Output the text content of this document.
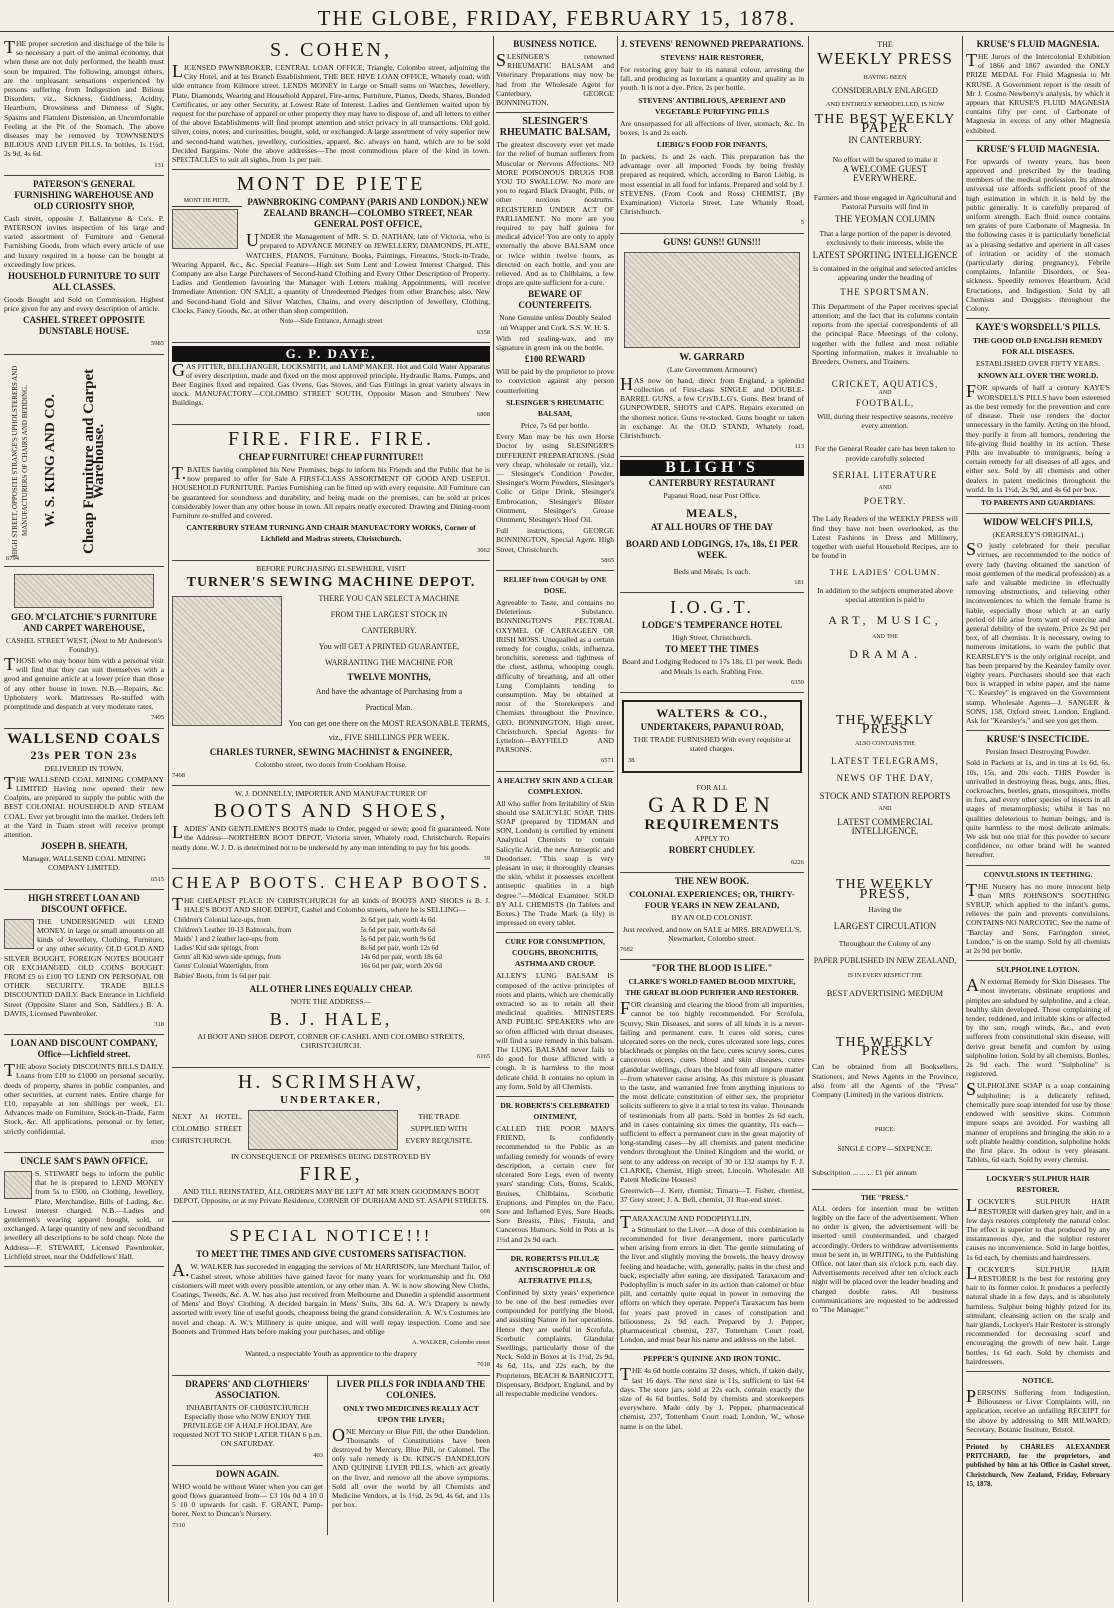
THE GLOBE, FRIDAY, FEBRUARY 15, 1878.

THE proper secretion and discharge of the bile is so necessary a part of the animal economy, that when these are not duly performed, the health must soon be impaired. The following, amongst others, are the unpleasant sensations experienced by persons suffering from Indigestion and Bilious Disorders, viz., Sickness, Giddiness, Acidity, Heartburn, Drowsiness and Dimness of Sight, Spasms and Flatulent Distension, an Uncomfortable Feeling at the Pit of the Stomach. The above diseases may be removed by TOWNSEND'S BILIOUS AND LIVER PILLS. In bottles, 1s 1½d, 2s 9d, 4s 6d.

131

PATERSON'S GENERAL FURNISHING WAREHOUSE AND OLD CURIOSITY SHOP,

Cash street, opposite J. Ballantyne & Co's. P. PATERSON invites inspection of his large and varied assortment of Furniture and General Furnishing Goods, from which every article of use and luxury required in a house can be bought at exceedingly low prices.

HOUSEHOLD FURNITURE TO SUIT ALL CLASSES.

Goods Bought and Sold on Commission. Highest price given for any and every description of article.

CASHEL STREET OPPOSITE DUNSTABLE HOUSE.

5985

HIGH STREET, OPPOSITE STRANGE'S UPHOLSTERERS AND MANUFACTURERS OF CHAIRS AND BEDDING. W. S. KING AND CO. Cheap Furniture and Carpet Warehouse.
6794

GEO. M'CLATCHIE'S FURNITURE AND CARPET WAREHOUSE,

CASHEL STREET WEST, (Next to Mr Anderson's Foundry).

THOSE who may honor him with a personal visit will find that they can suit themselves with a good and genuine article at a lower price than those of any other house in town. N.B.—Repairs, &c. Upholstery work. Mattresses Re-stuffed with promptitude and despatch at very moderate rates.

7405

WALLSEND COALS

23s PER TON 23s

DELIVERED IN TOWN.

THE WALLSEND COAL MINING COMPANY LIMITED Having now opened their new Coalpits, are prepared to supply the public with the BEST COLONIAL HOUSEHOLD AND STEAM COAL. Ever yet brought into the market. Orders left at the Yard in Tuam street will receive prompt attention.

JOSEPH B. SHEATH,

Manager, WALLSEND COAL MINING COMPANY LIMITED.

6515

HIGH STREET LOAN AND DISCOUNT OFFICE.

THE UNDERSIGNED will LEND MONEY, in large or small amounts on all kinds of Jewellery, Clothing, Furniture, or any other security. OLD GOLD AND SILVER BOUGHT, FOREIGN NOTES BOUGHT OR EXCHANGED. OLD COINS BOUGHT. FROM £5 to £100 TO LEND ON PERSONAL OR OTHER SECURITY. TRADE BILLS DISCOUNTED DAILY. Back Entrance in Lichfield Street (Opposite Slater and Son, Saddlers.) B. A. DAVIS, Licensed Pawnbroker.

318

LOAN AND DISCOUNT COMPANY, Office—Lichfield street.

THE above Society DISCOUNTS BILLS DAILY. Loans from £10 to £1000 on personal security, deeds of property, shares in public companies, and other securities, at current rates. Entire charge for £10, repayable at ten shillings per week, £1. Advances made on Furniture, Stock-in-Trade, Farm Stock, &c. All applications, personal or by letter, strictly confidential.

8309

UNCLE SAM'S PAWN OFFICE.

S. STEWART begs to inform the public that he is prepared to LEND MONEY from 5s to £500, on Clothing, Jewellery, Plate, Merchandise, Bills of Lading, &c. Lowest interest charged. N.B.—Ladies and gentlemen's wearing apparel bought, sold, or exchanged. A large quantity of new and secondhand jewellery all descriptions to be sold cheap. Note the Address—F. STEWART, Licensed Pawnbroker, Lichfield street, near the Oddfellows' Hall.

S. COHEN,

LICENSED PAWNBROKER, CENTRAL LOAN OFFICE, Triangle, Colombo street, adjoining the City Hotel, and at his Branch Establishment, THE BEE HIVE LOAN OFFICE, Whately road, with side entrance from Kilmore street. LENDS MONEY in Large or Small sums on Watches, Jewellery, Plate, Diamonds, Wearing and Household Apparel, Fire-arms, Furniture, Pianos, Deeds, Shares, Bonded Certificates, or any other Security, at Lowest Rate of Interest. Ladies and Gentlemen waited upon by request for the purchase of apparel or other property they may have to dispose of, and all letters to either of the above Establishments will find prompt attention and strict privacy in all transactions. Old gold, silver, coins, notes, and curiosities, bought, sold, or exchanged. A large assortment of very superior new and second-hand watches, jewellery, curiosities, apparel, &c. always on hand, which are to be sold Decided Bargains. Note the above addresses—The most commodious place of the kind in town. SPECTACLES to suit all sights, from 1s per pair.

MONT DE PIETE

MONT DE PIETE.	PAWNBROKING COMPANY (PARIS AND LONDON.) NEW ZEALAND BRANCH—COLOMBO STREET, NEAR GENERAL POST OFFICE,

UNDER the Management of MR. S. D. NATHAN, late of Victoria, who is prepared to ADVANCE MONEY on JEWELLERY, DIAMONDS, PLATE, WATCHES, PIANOS, Furniture, Books, Paintings, Firearms, Stock-in-Trade, Wearing Apparel, &c., &c. Special Feature—High set Sum Lent and Lowest Interest Charged. This Company are also Large Purchasers of Second-hand Clothing and Every Other Description of Property. Ladies and Gentlemen favouring the Manager with Letters making Appointments, will receive Immediate Attention. ON SALE, a quantity of Unredeemed Pledges from other Branches; also, New and Second-hand Gold and Silver Watches, Chains, and every description of Jewellery, Clothing, Clocks, Fancy Goods, &c. at other than shop competition.

Note—Side Entrance, Armagh street

6358

G. P. DAYE,

GAS FITTER, BELLHANGER, LOCKSMITH, and LAMP MAKER. Hot and Cold Water Apparatus of every description, made and fixed on the most approved principle. Hydraulic Rams, Pumps, and Beer Engines fixed and repaired. Gas Ovens, Gas Stoves, and Gas Fittings in great variety always in stock. MANUFACTORY—COLOMBO STREET SOUTH, Opposite Mason and Struthers' New Buildings.

6808

FIRE. FIRE. FIRE.

CHEAP FURNITURE! CHEAP FURNITURE!!

T.BATES having completed his New Premises, begs to inform his Friends and the Public that he is now prepared to offer for Sale A FIRST-CLASS ASSORTMENT OF GOOD AND USEFUL HOUSEHOLD FURNITURE. Parties Furnishing can be fitted up with every requisite. All Furniture can be guaranteed for soundness and durability, and being made on the premises, can be sold at prices considerably lower than any other house in town. All repairs neatly executed. Drawing and Dining-room Furniture re-stuffed and covered.

CANTERBURY STEAM TURNING AND CHAIR MANUFACTORY WORKS, Corner of Lichfield and Madras streets, Christchurch.

3062

BEFORE PURCHASING ELSEWHERE, VISIT

TURNER'S SEWING MACHINE DEPOT.

THERE YOU CAN SELECT A MACHINE

FROM THE LARGEST STOCK IN

CANTERBURY.

You will GET A PRINTED GUARANTEE,

WARRANTING THE MACHINE FOR

TWELVE MONTHS,

And have the advantage of Purchasing from a

Practical Man.

You can get one there on the MOST REASONABLE TERMS, viz., FIVE SHILLINGS PER WEEK.

CHARLES TURNER, SEWING MACHINIST & ENGINEER,

Colombo street, two doors from Cookham House.

7468

W. J. DONNELLY, IMPORTER AND MANUFACTURER OF

BOOTS AND SHOES,

LADIES' AND GENTLEMEN'S BOOTS made to Order, pegged or sewn; good fit guaranteed. Note the Address—NORTHERN BOOT DEPOT, Victoria street, Whately road, Christchurch. Repairs neatly done. W. J. D. is determined not to be undersold by any man intending to pay for his goods.

39

CHEAP BOOTS. CHEAP BOOTS.

THE CHEAPEST PLACE IN CHRISTCHURCH for all kinds of BOOTS AND SHOES is B. J. HALE'S BOOT AND SHOE DEPOT, Cashel and Colombo streets, where he is SELLING—

Children's Colonial lace-ups, from	2s 6d per pair, worth 4s 6d
Children's Leather 10-13 Balmorals, from	5s 6d per pair, worth 8s 6d
Maids' 1 and 2 leather lace-ups, from	5s 6d per pair, worth 9s 6d
Ladies' Kid side springs, from	8s 6d per pair, worth 12s 6d
Gents' all Kid sewn side springs, from	14s 6d per pair, worth 18s 6d
Gents' Colonial Watertights, from	16s 6d per pair, worth 20s 6d
Babies' Boots, from 1s 6d per pair.	

ALL OTHER LINES EQUALLY CHEAP.

NOTE THE ADDRESS—

B. J. HALE,

AI BOOT AND SHOE DEPOT, CORNER OF CASHEL AND COLOMBO STREETS, CHRISTCHURCH.

6165

H. SCRIMSHAW,

UNDERTAKER,

NEXT AI HOTEL, COLOMBO STREET CHRISTCHURCH.

THE TRADE SUPPLIED WITH EVERY REQUISITE.

IN CONSEQUENCE OF PREMISES BEING DESTROYED BY

FIRE,

AND TILL REINSTATED, ALL ORDERS MAY BE LEFT AT MR JOHN GOODMAN'S BOOT DEPOT, Opposite, or at my Private Residence, CORNER OF DURHAM AND ST. ASAPH STREETS.

608

SPECIAL NOTICE!!!

TO MEET THE TIMES AND GIVE CUSTOMERS SATISFACTION.

A.W. WALKER has succeeded in engaging the services of Mr HARRISON, late Merchant Tailor, of Cashel street, whose abilities have gained favor for many years for workmanship and fit. Old customers will meet with every possible attention, or any other man. A. W. is now showing New Cloths, Coatings, Tweeds, &c. A. W. has also just received from Melbourne and Dunedin a splendid assortment of Mens' and Boys' Clothing. A decided bargain in Mens' Suits, 30s 6d. A. W.'s Drapery is newly assorted with every line of useful goods, cheapness being the grand consideration. A. W.'s Costumes are novel and cheap. A. W.'s Millinery is quite unique, and will well repay inspection. Come and see Bonnets and Trimmed Hats before making your purchases, and oblige

A. WALKER, Colombo street

Wanted, a respectable Youth as apprentice to the drapery

7018

DRAPERS' AND CLOTHIERS' ASSOCIATION.

INHABITANTS OF CHRISTCHURCH Especially those who NOW ENJOY THE PRIVILEGE OF A HALF HOLIDAY, Are requested NOT TO SHOP LATER THAN 6 p.m. ON SATURDAY.

403

DOWN AGAIN.

WHO would be without Water when you can get good flows guaranteed from— £3 10s 0d 4 10 0 5 10 0 upwards for cash. F. GRANT, Pump-borer, Next to Duncan's Nursery.

7310

LIVER PILLS FOR INDIA AND THE COLONIES.

ONLY TWO MEDICINES REALLY ACT UPON THE LIVER;

ONE Mercury or Blue Pill, the other Dandelion. Thousands of Constitutions have been destroyed by Mercury, Blue Pill, or Calomel. The only safe remedy is Dr. KING'S DANDELION AND QUININE LIVER PILLS, which act greatly on the liver, and remove all the above symptoms. Sold all over the world by all Chemists and Medicine Vendors, at 1s 1½d, 2s 9d, 4s 6d, and 11s per box.

BUSINESS NOTICE.

SLESINGER'S renowned RHEUMATIC BALSAM and Veterinary Preparations may now be had from the Wholesale Agent for Canterbury, GEORGE BONNINGTON.

SLESINGER'S RHEUMATIC BALSAM,

The greatest discovery ever yet made for the relief of human sufferers from Muscular or Nervous Affections. NO MORE POISONOUS DRUGS FOR YOU TO SWALLOW. No more are you to regard Black Draught, Pills, or other noxious nostrums. REGISTERED UNDER ACT OF PARLIAMENT. No more are you required to pay half guinea for medical advice! You are only to apply externally the above BALSAM once or twice within twelve hours, as directed on each bottle, and you are relieved. And as to Chilblains, a few drops are quite sufficient for a cure.

BEWARE OF COUNTERFEITS.

None Genuine unless Doubly Sealed on Wrapper and Cork. S.S. W. H. S.

With red sealing-wax, and my signature in green ink on the bottle.

£100 REWARD

Will be paid by the proprietor to prove to conviction against any person counterfeiting

SLESINGER'S RHEUMATIC BALSAM,

Price, 7s 6d per bottle.

Every Man may be his own Horse Doctor by using SLESINGER'S DIFFERENT PREPARATIONS. (Sold very cheap, wholesale or retail), viz.:— Slesinger's Condition Powder, Slesinger's Worm Powders, Slesinger's Colic or Gripe Drink, Slesinger's Embrocation, Slesinger's Blister Ointment, Slesinger's Grease Ointment, Slesinger's Hoof Oil.

Full instructions, GEORGE BONNINGTON, Special Agent. High Street, Christchurch.

5865

RELIEF from COUGH by ONE DOSE.

Agreeable to Taste, and contains no Deleterious Substance. BONNINGTON'S PECTORAL OXYMEL OF CARRAGEEN OR IRISH MOSS. Unequalled as a certain remedy for coughs, colds, influenza, bronchitis, soreness and tightness of the chest, asthma, whooping cough, difficulty of breathing, and all other Lung Complaints tending to consumption. May be obtained at most of the Storekeepers and Chemists throughout the Province. GEO. BONNINGTON, High street, Christchurch. Special Agents for Lyttelton—BAYFIELD AND PARSONS.

6571

A HEALTHY SKIN AND A CLEAR COMPLEXION.

All who suffer from Irritability of Skin should use SALICYLIC SOAP. THIS SOAP (prepared by TIDMAN and SON, London) is certified by eminent Analytical Chemists to contain Salicylic Acid, the new Antiseptic and Deodoriser. "This soap is very pleasant in use; it thoroughly cleanses the skin, whilst it possesses excellent antiseptic qualities in a high degree."—Medical Examiner. SOLD BY ALL CHEMISTS (In Tablets and Boxes.) The Trade Mark (a lily) is impressed on every tablet.

CURE FOR CONSUMPTION, COUGHS, BRONCHITIS, ASTHMA AND CROUP.

ALLEN'S LUNG BALSAM IS composed of the active principles of roots and plants, which are chemically extracted so as to retain all their medicinal qualities. MINISTERS AND PUBLIC SPEAKERS who are so often afflicted with throat diseases, will find a sure remedy in this balsam. The LUNG BALSAM never fails to do good for those afflicted with a cough. It is harmless to the most delicate child. It contains no opium in any form. Sold by all Chemists.

DR. ROBERTS'S CELEBRATED OINTMENT,

CALLED THE POOR MAN'S FRIEND, Is confidently recommended to the Public as an unfailing remedy for wounds of every description, a certain cure for ulcerated Sore Legs, even of twenty years' standing; Cuts, Burns, Scalds, Bruises, Chilblains, Scorbutic Eruptions, and Pimples on the Face, Sore and Inflamed Eyes, Sore Heads, Sore Breasts, Piles, Fistula, and Cancerous Humors. Sold in Pots at 1s 1½d and 2s 9d each.

DR. ROBERTS'S PILULÆ ANTISCROPHULÆ OR ALTERATIVE PILLS,

Confirmed by sixty years' experience to be one of the best remedies ever compounded for purifying the blood, and assisting Nature in her operations. Hence they are useful in Scrofula, Scorbutic complaints, Glandular Swellings, particularly those of the Neck. Sold in Boxes at 1s 1½d, 2s 9d, 4s 6d, 11s, and 22s each, by the Proprietors, BEACH & BARNICOTT, Dispensary, Bridport, England, and by all respectable medicine vendors.

J. STEVENS' RENOWNED PREPARATIONS.

STEVENS' HAIR RESTORER,

For restoring grey hair to its natural colour, arresting the fall, and producing as luxuriant a quantity and quality as in youth. It is not a dye. Price, 2s per bottle.

STEVENS' ANTIBILIOUS, APERIENT AND VEGETABLE PURIFYING PILLS

Are unsurpassed for all affections of liver, stomach, &c. In boxes, 1s and 2s each.

LIEBIG'S FOOD FOR INFANTS,

In packets, 1s and 2s each. This preparation has the advantage over all imported Foods by being freshly prepared as required, which, according to Baron Liebig, is most essential in all food for infants. Prepared and sold by J. STEVENS, (From Cook and Ross) CHEMIST, (By Examination) Victoria Street, Late Whately Road, Christchurch.

5

GUNS! GUNS!! GUNS!!!

W. GARRARD

(Late Government Armourer)

HAS now on hand, direct from England, a splendid collection of First-class SINGLE and DOUBLE-BARREL GUNS, a few Cr'rs'B.L.G's. Guns. Best brand of GUNPOWDER, SHOTS and CAPS. Repairs executed on the shortest notice. Guns re-stocked. Guns bought or taken in exchange. At the OLD STAND, Whately road, Christchurch.

113

BLIGH'S

CANTERBURY RESTAURANT

Papanui Road, near Post Office.

MEALS,

AT ALL HOURS OF THE DAY

BOARD AND LODGINGS, 17s, 18s, £1 PER WEEK.

Beds and Meals, 1s each.

181

I.O.G.T.

LODGE'S TEMPERANCE HOTEL

High Street, Christchurch.

TO MEET THE TIMES

Board and Lodging Reduced to 17s 18s, £1 per week. Beds and Meals 1s each. Stabling Free.

6359

WALTERS & CO.,

UNDERTAKERS, PAPANUI ROAD,

THE TRADE FURNISHED With every requisite at stated charges.

38

FOR ALL

GARDEN

REQUIREMENTS

APPLY TO

ROBERT CHUDLEY.

6226

THE NEW BOOK.

COLONIAL EXPERIENCES; OR, THIRTY-FOUR YEARS IN NEW ZEALAND,

BY AN OLD COLONIST.

Just received, and now on SALE at MRS. BRADWELL'S, Newmarket, Colombo street.

7682

"FOR THE BLOOD IS LIFE."

CLARKE'S WORLD FAMED BLOOD MIXTURE, THE GREAT BLOOD PURIFIER AND RESTORER.

FOR cleansing and clearing the blood from all impurities, cannot be too highly recommended. For Scrofula, Scurvy, Skin Diseases, and sores of all kinds it is a never-failing and permanent cure. It cures old sores, cures ulcerated sores on the neck, cures ulcerated sore legs, cures blackheads or pimples on the face, cures scurvy sores, cures cancerous ulcers, cures blood and skin diseases, cures glandular swellings, clears the blood from all impure matter—from whatever cause arising. As this mixture is pleasant to the taste, and warranted free from anything injurious to the most delicate constitution of either sex, the proprietor solicits sufferers to give it a trial to test its value. Thousands of testimonials from all parts. Sold in bottles 2s 6d each, and in cases containing six times the quantity, 11s each—sufficient to effect a permanent cure in the great majority of long-standing cases—by all chemists and patent medicine vendors throughout the United Kingdom and the world, or sent to any address on receipt of 30 or 132 stamps by F. J. CLARKE, Chemist, High street, Lincoln. Wholesale: All Patent Medicine Houses!

Greenwich—J. Kerr, chemist; Timaru—T. Fisher, chemist, 37 Grey street; J. A. Bell, chemist, 31 Rue-end street.

TARAXACUM AND PODOPHYLLIN,

a Stimulant to the Liver.—A dose of this combination is recommended for liver derangement, more particularly when arising from errors in diet. The gentle stimulating of the liver and slightly moving the bowels, the heavy drowsy feeling and headache, with, generally, pains in the chest and back, especially after eating, are dissipated. Taraxacum and Podophyllin is much safer in its action than calomel or blue pill, and certainly quite equal in power in removing the efforts on which they operate. Pepper's Taraxacum has been for years past proved in cases of constipation and biliousness, 2s 9d each. Prepared by J. Pepper, pharmaceutical chemist, 237, Tottenham Court road, London, and must bear his name and address on the label.

PEPPER'S QUININE AND IRON TONIC.

THE 4s 6d bottle contains 32 doses, which, if taken daily, last 16 days. The next size is 11s, sufficient to last 64 days. The store jars, sold at 22s each, contain exactly the size of 4s 6d bottles. Sold by chemists and storekeepers everywhere. Made only by J. Pepper, pharmaceutical chemist, 237, Tottenham Court road, London, W., whose name is on the label.

THE

WEEKLY PRESS

HAVING BEEN

CONSIDERABLY ENLARGED

AND ENTIRELY REMODELLED, IS NOW

THE BEST WEEKLY PAPER

IN CANTERBURY.

No effort will be spared to make it

A WELCOME GUEST EVERYWHERE.

Farmers and those engaged in Agricultural and Pastoral Pursuits will find in

THE YEOMAN COLUMN

That a large portion of the paper is devoted exclusively to their interests, while the

LATEST SPORTING INTELLIGENCE

is contained in the original and selected articles appearing under the heading of

THE SPORTSMAN.

This Department of the Paper receives special attention; and the fact that its columns contain reports from the special correspondents of all the principal Race Meetings of the colony, together with the fullest and most reliable Sporting information, makes it invaluable to Breeders, Owners, and Trainers.

CRICKET, AQUATICS,

AND

FOOTBALL,

Will, during their respective seasons, receive every attention.

For the General Reader care has been taken to provide carefully selected

SERIAL LITERATURE

AND

POETRY.

The Lady Readers of the WEEKLY PRESS will find they have not been overlooked, as the Latest Fashions in Dress and Millinery, together with useful Household Recipes, are to be found in

THE LADIES' COLUMN.

In addition to the subjects enumerated above special attention is paid to

ART, MUSIC,

AND THE

DRAMA.

THE WEEKLY PRESS

ALSO CONTAINS THE

LATEST TELEGRAMS,

NEWS OF THE DAY,

STOCK AND STATION REPORTS

AND

LATEST COMMERCIAL INTELLIGENCE.

THE WEEKLY PRESS,

Having the

LARGEST CIRCULATION

Throughout the Colony of any

PAPER PUBLISHED IN NEW ZEALAND,

IS IN EVERY RESPECT THE

BEST ADVERTISING MEDIUM

THE WEEKLY PRESS

Can be obtained from all Booksellers, Stationers, and News Agents in the Province, also from all the Agents of the "Press" Company (Limited) in the various districts.

PRICE:

SINGLE COPY—SIXPENCE.

Subscription ... ... ... £1 per annum

THE "PRESS."

ALL orders for insertion must be written legibly on the face of the advertisement. When no order is given, the advertisement will be inserted until countermanded, and charged accordingly. Orders to withdraw advertisements must be sent in, in WRITING, to the Publishing Office, not later than six o'clock p.m. each day. Advertisements received after ten o'clock each night will be placed over the leader heading and charged double rates. All business communications are requested to be addressed to "The Manager."

KRUSE'S FLUID MAGNESIA.

THE Jurors of the Intercolonial Exhibition of 1866 and 1867 awarded the ONLY PRIZE MEDAL For Fluid Magnesia to Mr KRUSE. A Government report is the result of Mr J. Cosmo Newberry's analysis, by which it appears that KRUSE'S FLUID MAGNESIA contains fifty per cent. of Carbonate of Magnesia in excess of any other Magnesia exhibited.

KRUSE'S FLUID MAGNESIA.

For upwards of twenty years, has been approved and prescribed by the leading members of the medical profession. Its almost universal use affords sufficient proof of the high estimation in which it is held by the public generally. It is carefully prepared of uniform strength. Each fluid ounce contains ten grains of pure Carbonate of Magnesia. In the following cases it is particularly beneficial as a pleasing sedative and aperient in all cases of irritation or acidity of the stomach (particularly during pregnancy), Febrile complaints, Infantile Disorders, or Sea-sickness. Speedily removes Heartburn, Acid Eructations, and Indigestion. Sold by all Chemists and Druggists throughout the Colony.

KAYE'S WORSDELL'S PILLS.

THE GOOD OLD ENGLISH REMEDY FOR ALL DISEASES.

ESTABLISHED OVER FIFTY YEARS.

KNOWN ALL OVER THE WORLD.

FOR upwards of half a century KAYE'S WORSDELL'S PILLS have been esteemed as the best remedy for the prevention and cure of disease. Their use renders the doctor unnecessary in the family. Acting on the blood, they purify it from all humors, rendering the life-giving fluid healthy in its action. These Pills are invaluable to immigrants, being a certain remedy for all diseases of all ages, and either sex. Sold by all chemists and other dealers in patent medicines throughout the world. In 1s 1½d, 2s 9d, and 4s 6d per box.

TO PARENTS AND GUARDIANS.

WIDOW WELCH'S PILLS,

(KEARSLEY'S ORIGINAL.)

SO justly celebrated for their peculiar virtues, are recommended to the notice of every lady (having obtained the sanction of most gentlemen of the medical profession) as a safe and valuable medicine in effectually removing obstructions, and relieving other inconveniences to which the female frame is liable, especially those which at an early period of life arise from want of exercise and general debility of the system. Price 2s 9d per box, of all chemists. It is necessary, owing to numerous imitations, to warn the public that KEARSLEY'S is the only original receipt, and has been prepared by the Kearsley family over eighty years. Purchasers should see that each box is wrapped in white paper, and the name "C. Kearsley" is engraved on the Government stamp. Wholesale Agents—J. SANGER & SONS, 158, Oxford street, London, England. Ask for "Kearsley's," and see you get them.

KRUSE'S INSECTICIDE.

Persian Insect Destroying Powder.

Sold in Packets at 1s, and in tins at 1s 6d, 6s, 10s, 15s, and 20s each. THIS Powder is unrivalled in destroying fleas, bugs, ants, flies, cockroaches, beetles, gnats, mosquitoes, moths in furs, and every other species of insects in all stages of metamorphosis; whilst it has no qualities deleterious to human beings, and is quite harmless to the most delicate animals. We ask but one trial for this powder to secure confidence, no other brand will be wanted hereafter.

CONVULSIONS IN TEETHING.

THE Nursery has no more innocent help than MRS JOHNSON'S SOOTHING SYRUP, which applied to the infant's gums, relieves the pain and prevents convulsions. CONTAINS NO NARCOTIC. See the name of "Barclay and Sons, Farringdon street, London," is on the stamp. Sold by all chemists at 2s 9d per bottle.

SULPHOLINE LOTION.

AN external Remedy for Skin Diseases. The most inveterate, obstinate eruptions and pimples are subdued by sulpholine, and a clear, healthy skin developed. Those complaining of tender, reddened, and irritable skins or affected by the sun, rough winds, &c., and even sufferers from constitutional skin disease, will derive great benefit and comfort by using sulpholine lotion. Sold by all chemists. Bottles, 2s 9d each. The word "Sulpholine" is registered.

SULPHOLINE SOAP is a soap containing sulpholine; is a delicately refined, chemically pure soap intended for use by those endowed with sensitive skins. Common impure soaps are avoided. For washing all manner of eruptions and bringing the skin to a soft pliable healthy condition, sulpholine holds the first place. Its odour is very pleasant. Tablets, 6d each. Sold by every chemist.

LOCKYER'S SULPHUR HAIR RESTORER.

LOCKYER'S SULPHUR HAIR RESTORER will darken grey hair, and in a few days restores completely the natural color. The effect is superior to that produced by any instantaneous dye, and the sulphur restorer causes no inconvenience. Sold in large bottles, 1s 6d each, by chemists and hairdressers.

LOCKYER'S SULPHUR HAIR RESTORER is the best for restoring grey hair to its former color. It produces a perfectly natural shade in a few days, and is absolutely harmless. Sulphur being highly prized for its stimulant, cleansing action on the scalp and hair glands, Lockyer's Hair Restorer is strongly recommended for decreasing scurf and encouraging the growth of new hair. Large bottles, 1s 6d each. Sold by chemists and hairdressers.

NOTICE.

PERSONS Suffering from Indigestion, Biliousness or Liver Complaints will, on application, receive an unfailing RECEIPT for the above by addressing to MR MILWARD, Secretary, Botanic Institute, Bristol.

Printed by CHARLES ALEXANDER PRITCHARD, for the proprietors, and published by him at his Office in Cashel street, Christchurch, New Zealand, Friday, February 15, 1878.
